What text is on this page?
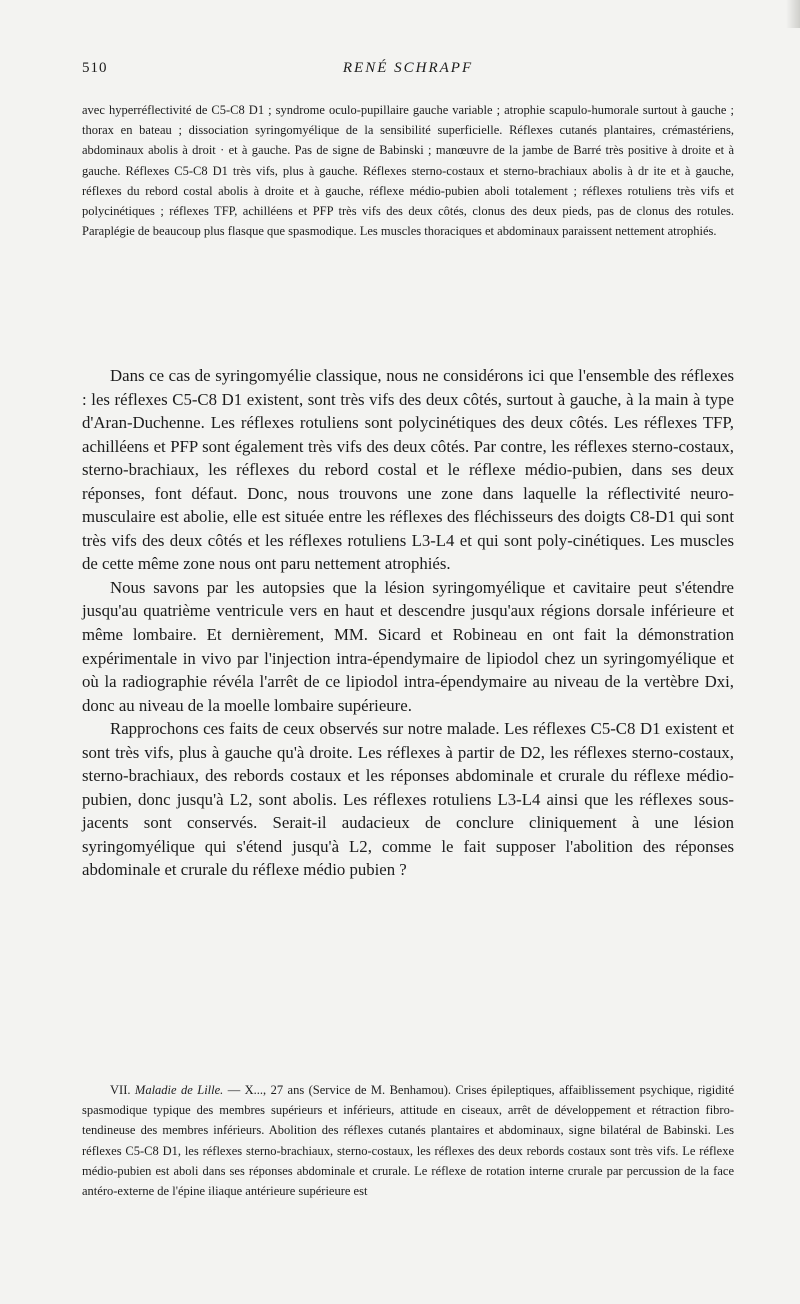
510	RENÉ SCHRAPF

avec hyperréflectivité de C5-C8 D1 ; syndrome oculo-pupillaire gauche variable ; atrophie scapulo-humorale surtout à gauche ; thorax en bateau ; dissociation syringomyélique de la sensibilité superficielle. Réflexes cutanés plantaires, crémastériens, abdominaux abolis à droit · et à gauche. Pas de signe de Babinski ; manœuvre de la jambe de Barré très positive à droite et à gauche. Réflexes C5-C8 D1 très vifs, plus à gauche. Réflexes sterno-costaux et sterno-brachiaux abolis à dr ite et à gauche, réflexes du rebord costal abolis à droite et à gauche, réflexe médio-pubien aboli totalement ; réflexes rotuliens très vifs et polycinétiques ; réflexes TFP, achilléens et PFP très vifs des deux côtés, clonus des deux pieds, pas de clonus des rotules. Paraplégie de beaucoup plus flasque que spasmodique. Les muscles thoraciques et abdominaux paraissent nettement atrophiés.

Dans ce cas de syringomyélie classique, nous ne considérons ici que l'ensemble des réflexes : les réflexes C5-C8 D1 existent, sont très vifs des deux côtés, surtout à gauche, à la main à type d'Aran-Duchenne. Les réflexes rotuliens sont polycinétiques des deux côtés. Les réflexes TFP, achilléens et PFP sont également très vifs des deux côtés. Par contre, les réflexes sterno-costaux, sterno-brachiaux, les réflexes du rebord costal et le réflexe médio-pubien, dans ses deux réponses, font défaut. Donc, nous trouvons une zone dans laquelle la réflectivité neuro-musculaire est abolie, elle est située entre les réflexes des fléchisseurs des doigts C8-D1 qui sont très vifs des deux côtés et les réflexes rotuliens L3-L4 et qui sont poly-cinétiques. Les muscles de cette même zone nous ont paru nettement atrophiés.

Nous savons par les autopsies que la lésion syringomyélique et cavitaire peut s'étendre jusqu'au quatrième ventricule vers en haut et descendre jusqu'aux régions dorsale inférieure et même lombaire. Et dernièrement, MM. Sicard et Robineau en ont fait la démonstration expérimentale in vivo par l'injection intra-épendymaire de lipiodol chez un syringomyélique et où la radiographie révéla l'arrêt de ce lipiodol intra-épendymaire au niveau de la vertèbre Dxi, donc au niveau de la moelle lombaire supérieure.

Rapprochons ces faits de ceux observés sur notre malade. Les réflexes C5-C8 D1 existent et sont très vifs, plus à gauche qu'à droite. Les réflexes à partir de D2, les réflexes sterno-costaux, sterno-brachiaux, des rebords costaux et les réponses abdominale et crurale du réflexe médio-pubien, donc jusqu'à L2, sont abolis. Les réflexes rotuliens L3-L4 ainsi que les réflexes sous-jacents sont conservés. Serait-il audacieux de conclure cliniquement à une lésion syringomyélique qui s'étend jusqu'à L2, comme le fait supposer l'abolition des réponses abdominale et crurale du réflexe médio pubien ?

VII. Maladie de Lille. — X..., 27 ans (Service de M. Benhamou). Crises épileptiques, affaiblissement psychique, rigidité spasmodique typique des membres supérieurs et inférieurs, attitude en ciseaux, arrêt de développement et rétraction fibro-tendineuse des membres inférieurs. Abolition des réflexes cutanés plantaires et abdominaux, signe bilatéral de Babinski. Les réflexes C5-C8 D1, les réflexes sterno-brachiaux, sterno-costaux, les réflexes des deux rebords costaux sont très vifs. Le réflexe médio-pubien est aboli dans ses réponses abdominale et crurale. Le réflexe de rotation interne crurale par percussion de la face antéro-externe de l'épine iliaque antérieure supérieure est
